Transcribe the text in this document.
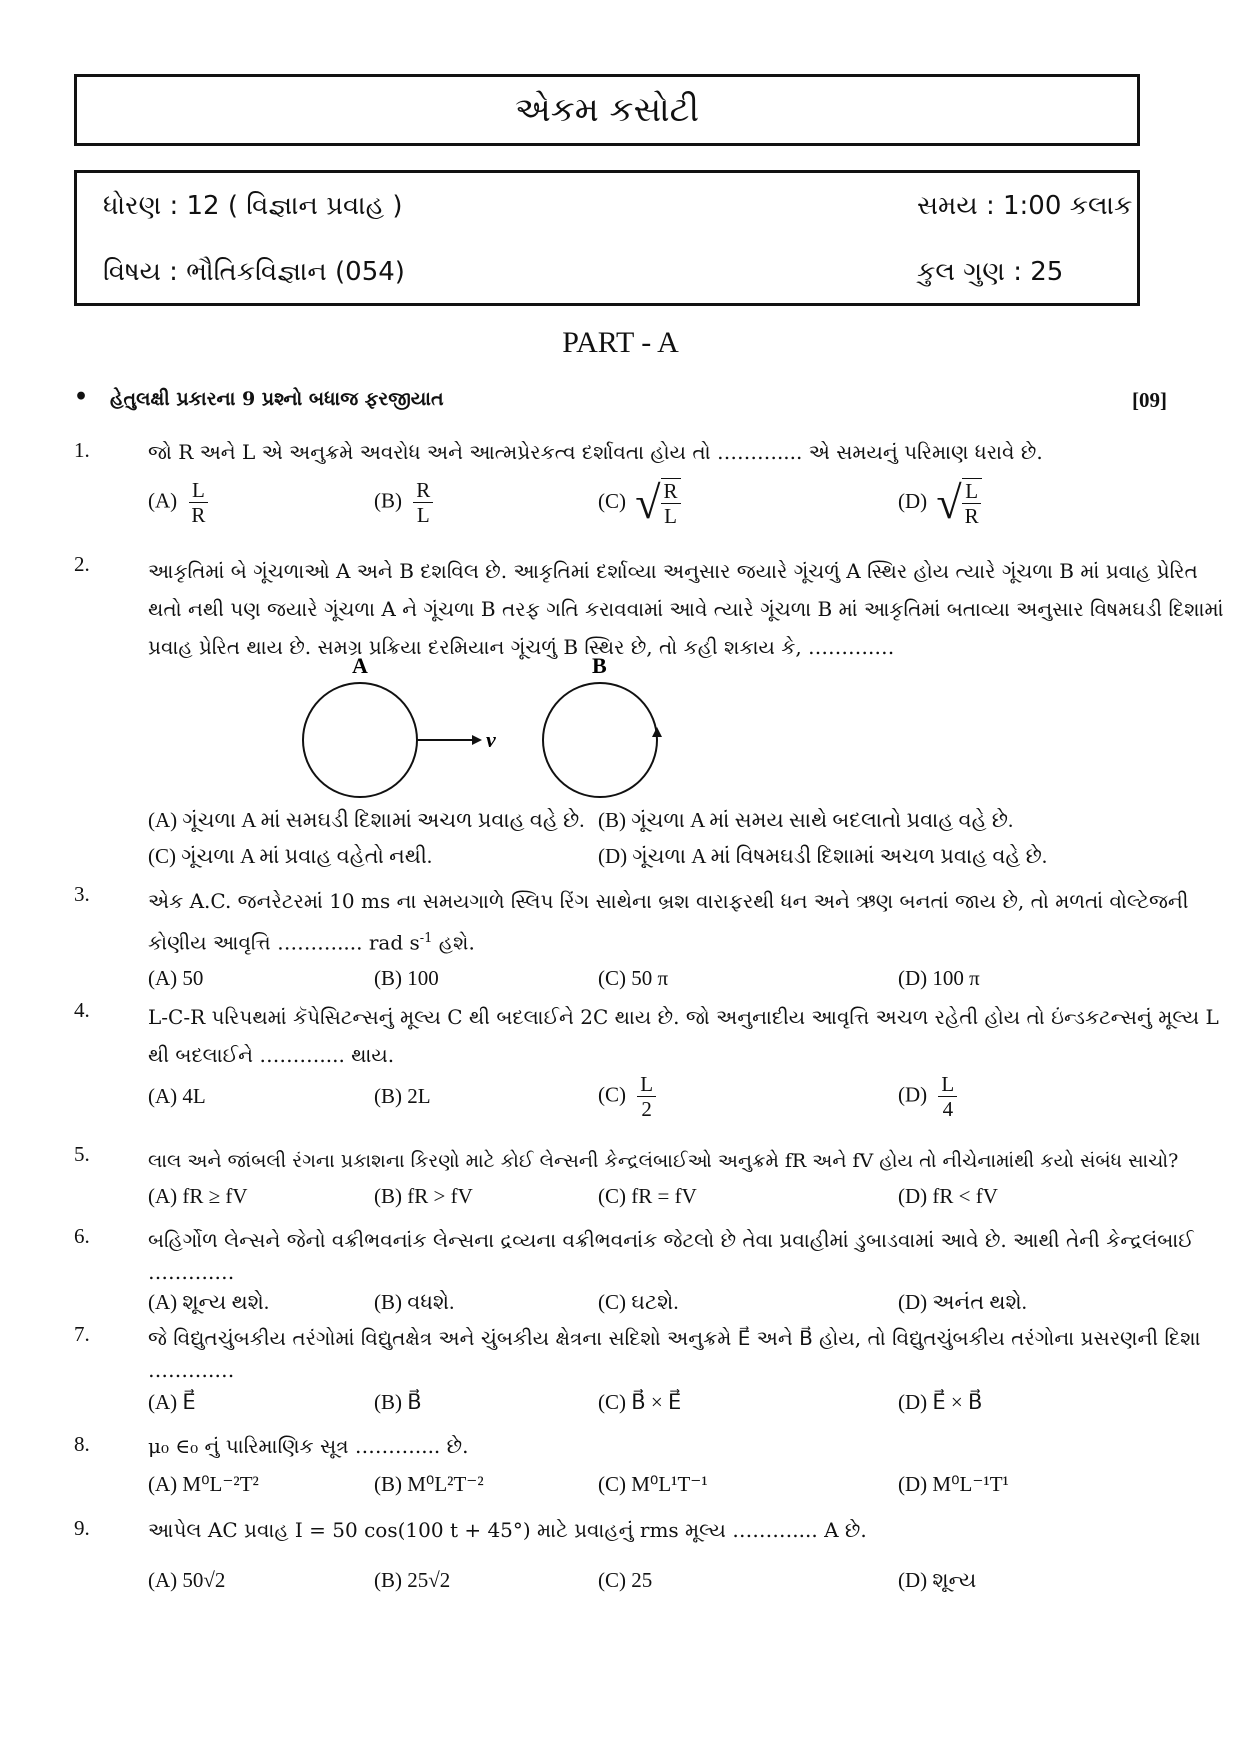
એકમ કસોટી
ધોરણ : 12 ( વિજ્ઞાન પ્રવાહ )	સમય : 1:00 કલાક
વિષય : ભૌતિકવિજ્ઞાન (054)	કુલ ગુણ : 25
PART - A
• હેતુલક્ષી પ્રકારના 9 પ્રશ્નો બધાજ ફરજીયાત	[09]
1.	જો R અને L એ અનુક્રમે અવરોધ અને આત્મપ્રેરકત્વ દર્શાવતા હોય તો ……….... એ સમયનું પરિમાણ ધરાવે છે.
$(A) \frac{L}{R}$	$(B) \frac{R}{L}$	(C) √ $\frac{R}{L}$	(D) √ $\frac{L}{R}$
2.	આકૃતિમાં બે ગૂંચળાઓ A અને B દશવિલ છે. આકૃતિમાં દર્શાવ્યા અનુસાર જયારે ગૂંચળું A સ્થિર હોય ત્યારે ગૂંચળા B માં પ્રવાહ પ્રેરિત
થતો નથી પણ જયારે ગૂંચળા A ને ગૂંચળા B તરફ ગતિ કરાવવામાં આવે ત્યારે ગૂંચળા B માં આકૃતિમાં બતાવ્યા અનુસાર વિષમઘડી દિશામાં
પ્રવાહ પ્રેરિત થાય છે. સમગ્ર પ્રક્રિયા દરમિયાન ગૂંચળું B સ્થિર છે, તો કહી શકાય કે, ……….…
A	B
v
(A) ગૂંચળા A માં સમઘડી દિશામાં અચળ પ્રવાહ વહે છે. (B) ગૂંચળા A માં સમય સાથે બદલાતો પ્રવાહ વહે છે.
(C) ગૂંચળા A માં પ્રવાહ વહેતો નથી.	(D) ગૂંચળા A માં વિષમઘડી દિશામાં અચળ પ્રવાહ વહે છે.
3.	એક A.C. જનરેટરમાં 10 ms ના સમયગાળે સ્લિપ રિંગ સાથેના બ્રશ વારાફરથી ધન અને ઋણ બનતાં જાય છે, તો મળતાં વોલ્ટેજની
કોણીય આવૃત્તિ ……….... rad $s^{-1}$ હશે.
(A) 50	(B) 100	(C) 50 π	(D) 100 π
4.	L-C-R પરિપથમાં કૅપેસિટન્સનું મૂલ્ય C થી બદલાઈને 2C થાય છે. જો અનુનાદીય આવૃત્તિ અચળ રહેતી હોય તો ઇંન્ડકટન્સનું મૂલ્ય L
થી બદલાઈને ……….... થાય.
(A) 4L	(B) 2L	$(C) \frac{L}{2}$	$(D) \frac{L}{4}$
5.	લાલ અને જાંબલી રંગના પ્રકાશના કિરણો માટે કોઈ લેન્સની કેન્દ્રલંબાઈઓ અનુક્રમે fR અને fV હોય તો નીચેનામાંથી કયો સંબંધ સાચો?
(A) fR ≥ fV	(B) fR > fV	(C) fR = fV	(D) fR < fV
6.	બહિર્ગોળ લેન્સને જેનો વક્રીભવનાંક લેન્સના દ્રવ્યના વક્રીભવનાંક જેટલો છે તેવા પ્રવાહીમાં ડુબાડવામાં આવે છે. આથી તેની કેન્દ્રલંબાઈ
……….…
(A) શૂન્ય થશે.	(B) વધશે.	(C) ઘટશે.	(D) અનંત થશે.
7.	જે વિદ્યુતચુંબકીય તરંગોમાં વિદ્યુતક્ષેત્ર અને ચુંબકીય ક્ષેત્રના સદિશો અનુક્રમે E⃗ અને B⃗ હોય, તો વિદ્યુતચુંબકીય તરંગોના પ્રસરણની દિશા
……….…
(A) E⃗	(B) B⃗	(C) B⃗ × E⃗	(D) E⃗ × B⃗
8.	μ₀ ∈₀ નું પારિમાણિક સૂત્ર ……….... છે.
(A) M⁰L⁻²T²	(B) M⁰L²T⁻²	(C) M⁰L¹T⁻¹	(D) M⁰L⁻¹T¹
9.	આપેલ AC પ્રવાહ I = 50 cos(100 t + 45°) માટે પ્રવાહનું rms મૂલ્ય ……….... A છે.
(A) 50√2	(B) 25√2	(C) 25	(D) શૂન્ય
